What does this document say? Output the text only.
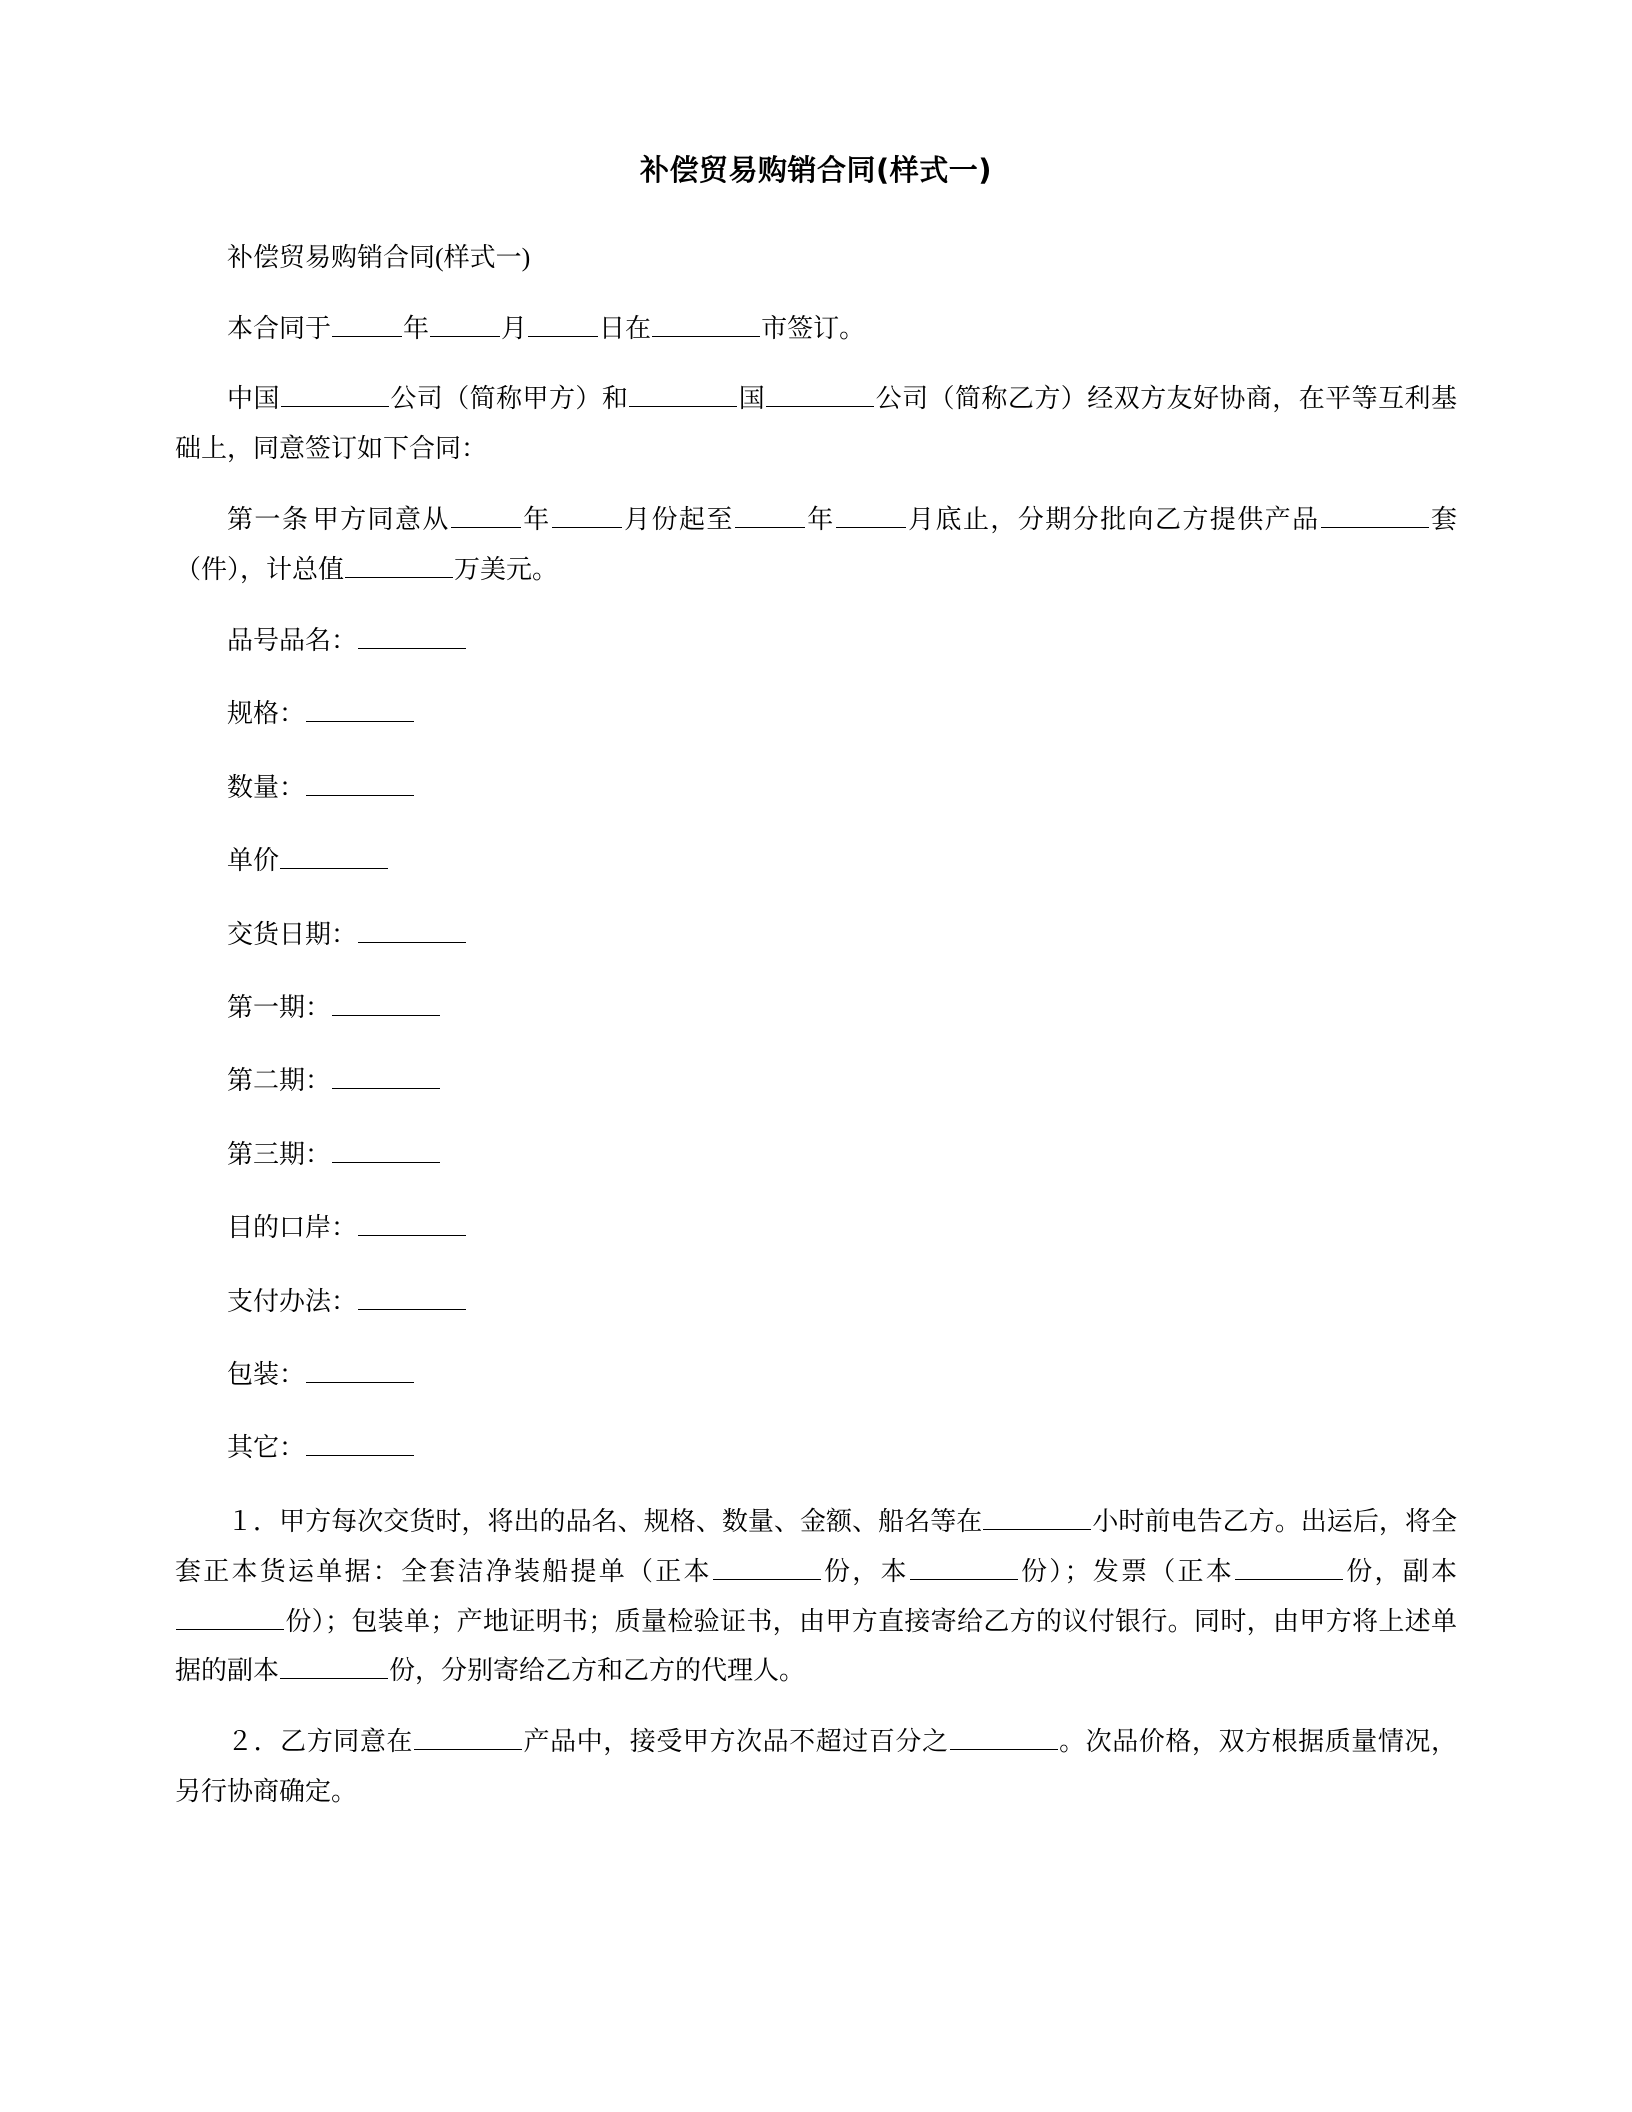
补偿贸易购销合同(样式一)

补偿贸易购销合同(样式一)

本合同于	年	月	日在	市签订。

中国	公司（简称甲方）和	国	公司（简称乙方）经双方友好协商，在平等互利基础上，同意签订如下合同：

第一条  甲方同意从	年	月份起至	年	月底止，分期分批向乙方提供产品	套（件），计总值	万美元。

品号品名：
规格：
数量：
单价
交货日期：
第一期：
第二期：
第三期：
目的口岸：
支付办法：
包装：
其它：

１．甲方每次交货时，将出的品名、规格、数量、金额、船名等在	小时前电告乙方。出运后，将全套正本货运单据：全套洁净装船提单（正本	份，本	份）；发票（正本	份，副本份）；包装单；产地证明书；质量检验证书，由甲方直接寄给乙方的议付银行。同时，由甲方将上述单据的副本	份，分别寄给乙方和乙方的代理人。

２．乙方同意在	产品中，接受甲方次品不超过百分之	。次品价格，双方根据质量情况，另行协商确定。
